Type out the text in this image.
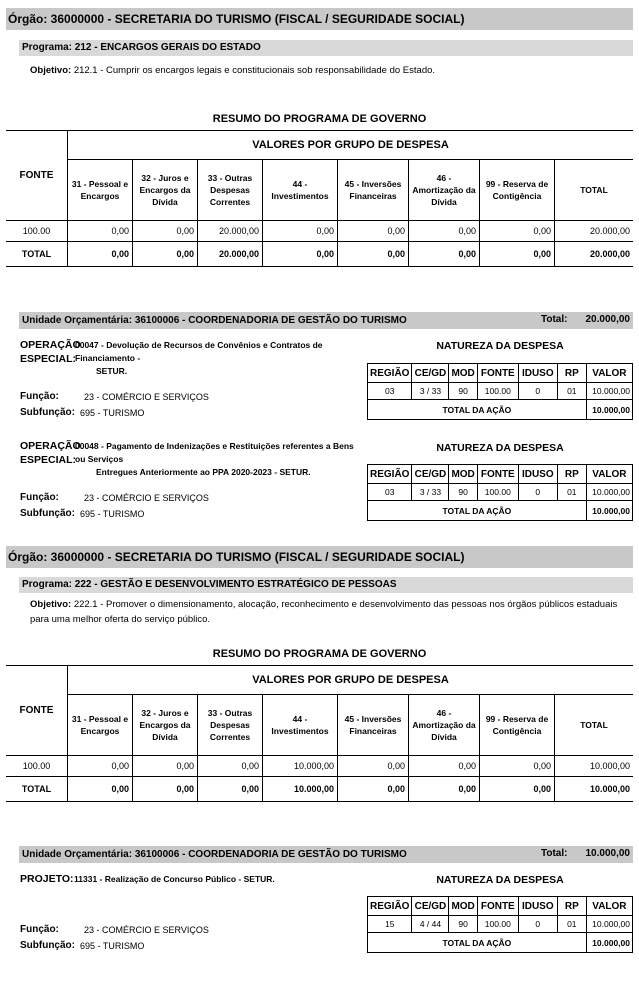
Órgão: 36000000 - SECRETARIA DO TURISMO (FISCAL / SEGURIDADE SOCIAL)
Programa: 212 - ENCARGOS GERAIS DO ESTADO
Objetivo: 212.1 - Cumprir os encargos legais e constitucionais sob responsabilidade do Estado.
RESUMO DO PROGRAMA DE GOVERNO								
FONTE	VALORES POR GRUPO DE DESPESA							
	31 - Pessoal e Encargos	32 - Juros e Encargos da Dívida	33 - Outras Despesas Correntes	44 - Investimentos	45 - Inversões Financeiras	46 - Amortização da Dívida	99 - Reserva de Contigência	TOTAL
100.00	0,00	0,00	20.000,00	0,00	0,00	0,00	0,00	20.000,00
TOTAL	0,00	0,00	20.000,00	0,00	0,00	0,00	0,00	20.000,00
Unidade Orçamentária: 36100006 - COORDENADORIA DE GESTÃO DO TURISMO	Total:	20.000,00
OPERAÇÃO
ESPECIAL:
00047 - Devolução de Recursos de Convênios e Contratos de Financiamento -
SETUR.
NATUREZA DA DESPESA
REGIÃO	CE/GD	MOD	FONTE	IDUSO	RP	VALOR
03	3 / 33	90	100.00	0	01	10.000,00
TOTAL DA AÇÃO						10.000,00
Função:	23 - COMÉRCIO E SERVIÇOS
Subfunção: 695 - TURISMO
OPERAÇÃO
ESPECIAL:
00048 - Pagamento de Indenizações e Restituições referentes a Bens ou Serviços
Entregues Anteriormente ao PPA 2020-2023 - SETUR.
NATUREZA DA DESPESA
REGIÃO	CE/GD	MOD	FONTE	IDUSO	RP	VALOR
03	3 / 33	90	100.00	0	01	10.000,00
TOTAL DA AÇÃO						10.000,00
Função:	23 - COMÉRCIO E SERVIÇOS
Subfunção: 695 - TURISMO
Órgão: 36000000 - SECRETARIA DO TURISMO (FISCAL / SEGURIDADE SOCIAL)
Programa: 222 - GESTÃO E DESENVOLVIMENTO ESTRATÉGICO DE PESSOAS
Objetivo: 222.1 - Promover o dimensionamento, alocação, reconhecimento e desenvolvimento das pessoas nos órgãos públicos estaduais para uma melhor oferta do serviço público.
RESUMO DO PROGRAMA DE GOVERNO								
FONTE	VALORES POR GRUPO DE DESPESA							
	31 - Pessoal e Encargos	32 - Juros e Encargos da Dívida	33 - Outras Despesas Correntes	44 - Investimentos	45 - Inversões Financeiras	46 - Amortização da Dívida	99 - Reserva de Contigência	TOTAL
100.00	0,00	0,00	0,00	10.000,00	0,00	0,00	0,00	10.000,00
TOTAL	0,00	0,00	0,00	10.000,00	0,00	0,00	0,00	10.000,00
Unidade Orçamentária: 36100006 - COORDENADORIA DE GESTÃO DO TURISMO	Total:	10.000,00
PROJETO: 11331 - Realização de Concurso Público - SETUR.	NATUREZA DA DESPESA
REGIÃO	CE/GD	MOD	FONTE	IDUSO	RP	VALOR
15	4 / 44	90	100.00	0	01	10.000,00
TOTAL DA AÇÃO						10.000,00
Função:	23 - COMÉRCIO E SERVIÇOS
Subfunção: 695 - TURISMO
